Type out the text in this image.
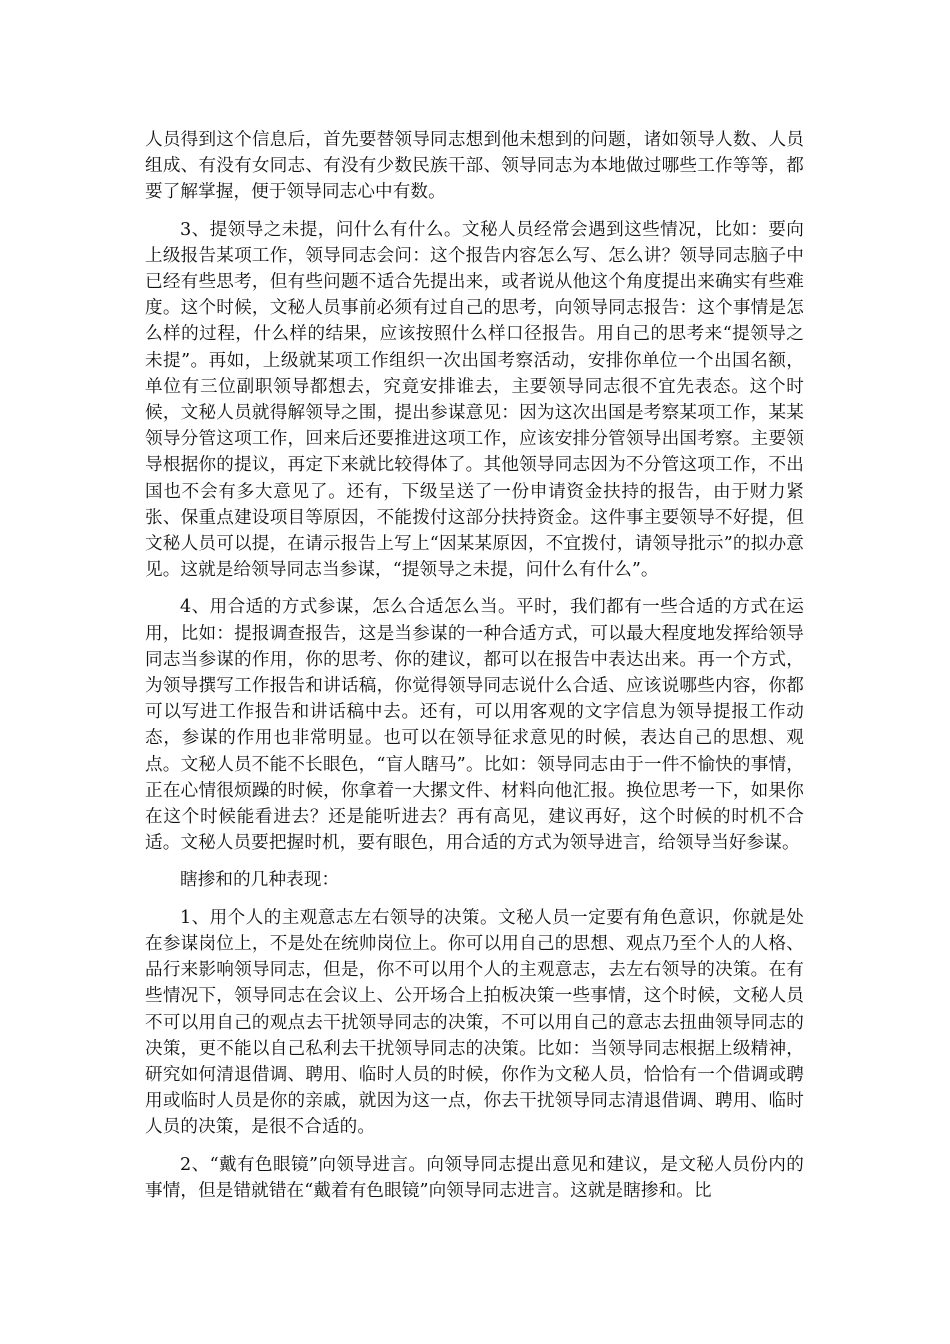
人员得到这个信息后，首先要替领导同志想到他未想到的问题，诸如领导人数、人员组成、有没有女同志、有没有少数民族干部、领导同志为本地做过哪些工作等等，都要了解掌握，便于领导同志心中有数。

3、提领导之未提，问什么有什么。文秘人员经常会遇到这些情况，比如：要向上级报告某项工作，领导同志会问：这个报告内容怎么写、怎么讲？领导同志脑子中已经有些思考，但有些问题不适合先提出来，或者说从他这个角度提出来确实有些难度。这个时候，文秘人员事前必须有过自己的思考，向领导同志报告：这个事情是怎么样的过程，什么样的结果，应该按照什么样口径报告。用自己的思考来“提领导之未提”。再如，上级就某项工作组织一次出国考察活动，安排你单位一个出国名额，单位有三位副职领导都想去，究竟安排谁去，主要领导同志很不宜先表态。这个时候，文秘人员就得解领导之围，提出参谋意见：因为这次出国是考察某项工作，某某领导分管这项工作，回来后还要推进这项工作，应该安排分管领导出国考察。主要领导根据你的提议，再定下来就比较得体了。其他领导同志因为不分管这项工作，不出国也不会有多大意见了。还有，下级呈送了一份申请资金扶持的报告，由于财力紧张、保重点建设项目等原因，不能拨付这部分扶持资金。这件事主要领导不好提，但文秘人员可以提，在请示报告上写上“因某某原因，不宜拨付，请领导批示”的拟办意见。这就是给领导同志当参谋，“提领导之未提，问什么有什么”。

4、用合适的方式参谋，怎么合适怎么当。平时，我们都有一些合适的方式在运用，比如：提报调查报告，这是当参谋的一种合适方式，可以最大程度地发挥给领导同志当参谋的作用，你的思考、你的建议，都可以在报告中表达出来。再一个方式，为领导撰写工作报告和讲话稿，你觉得领导同志说什么合适、应该说哪些内容，你都可以写进工作报告和讲话稿中去。还有，可以用客观的文字信息为领导提报工作动态，参谋的作用也非常明显。也可以在领导征求意见的时候，表达自己的思想、观点。文秘人员不能不长眼色，“盲人瞎马”。比如：领导同志由于一件不愉快的事情，正在心情很烦躁的时候，你拿着一大摞文件、材料向他汇报。换位思考一下，如果你在这个时候能看进去？还是能听进去？再有高见，建议再好，这个时候的时机不合适。文秘人员要把握时机，要有眼色，用合适的方式为领导进言，给领导当好参谋。

瞎掺和的几种表现：

1、用个人的主观意志左右领导的决策。文秘人员一定要有角色意识，你就是处在参谋岗位上，不是处在统帅岗位上。你可以用自己的思想、观点乃至个人的人格、品行来影响领导同志，但是，你不可以用个人的主观意志，去左右领导的决策。在有些情况下，领导同志在会议上、公开场合上拍板决策一些事情，这个时候，文秘人员不可以用自己的观点去干扰领导同志的决策，不可以用自己的意志去扭曲领导同志的决策，更不能以自己私利去干扰领导同志的决策。比如：当领导同志根据上级精神，研究如何清退借调、聘用、临时人员的时候，你作为文秘人员，恰恰有一个借调或聘用或临时人员是你的亲戚，就因为这一点，你去干扰领导同志清退借调、聘用、临时人员的决策，是很不合适的。

2、“戴有色眼镜”向领导进言。向领导同志提出意见和建议，是文秘人员份内的事情，但是错就错在“戴着有色眼镜”向领导同志进言。这就是瞎掺和。比
